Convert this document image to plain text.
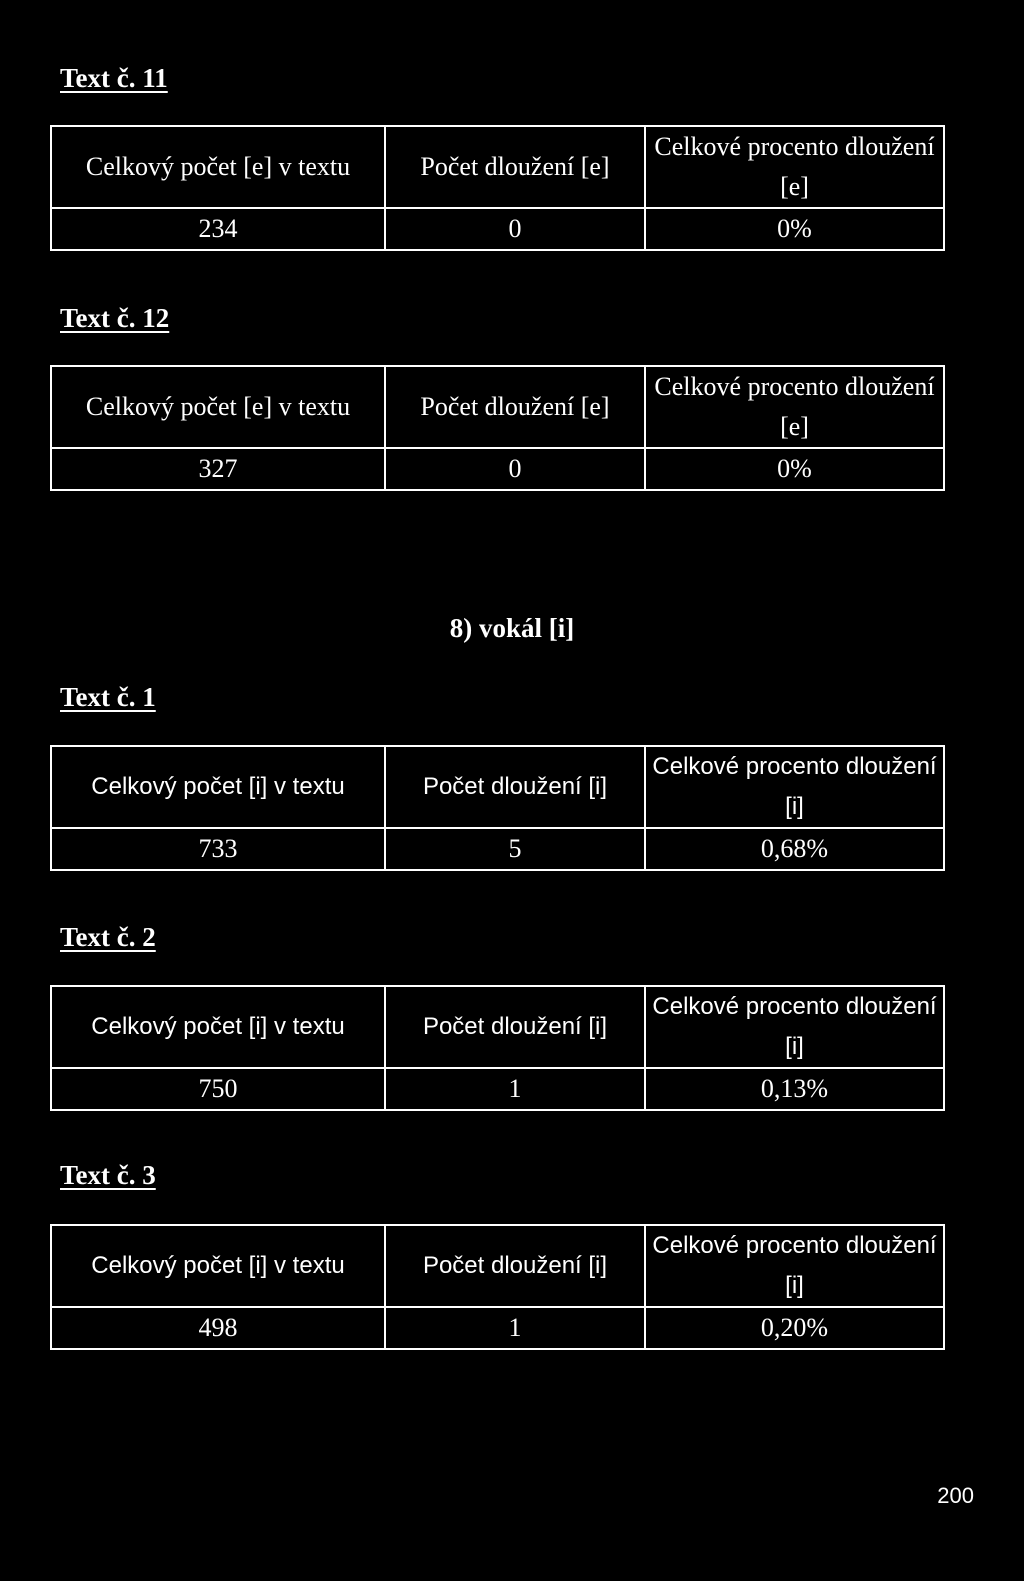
Text č. 11
Celkový počet [e] v textu	Počet dloužení [e]	Celkové procento dloužení [e]
234	0	0%
Text č. 12
Celkový počet [e] v textu	Počet dloužení [e]	Celkové procento dloužení [e]
327	0	0%
8) vokál [i]
Text č. 1
Celkový počet [i] v textu	Počet dloužení [i]	Celkové procento dloužení [i]
733	5	0,68%
Text č. 2
Celkový počet [i] v textu	Počet dloužení [i]	Celkové procento dloužení [i]
750	1	0,13%
Text č. 3
Celkový počet [i] v textu	Počet dloužení [i]	Celkové procento dloužení [i]
498	1	0,20%
200
